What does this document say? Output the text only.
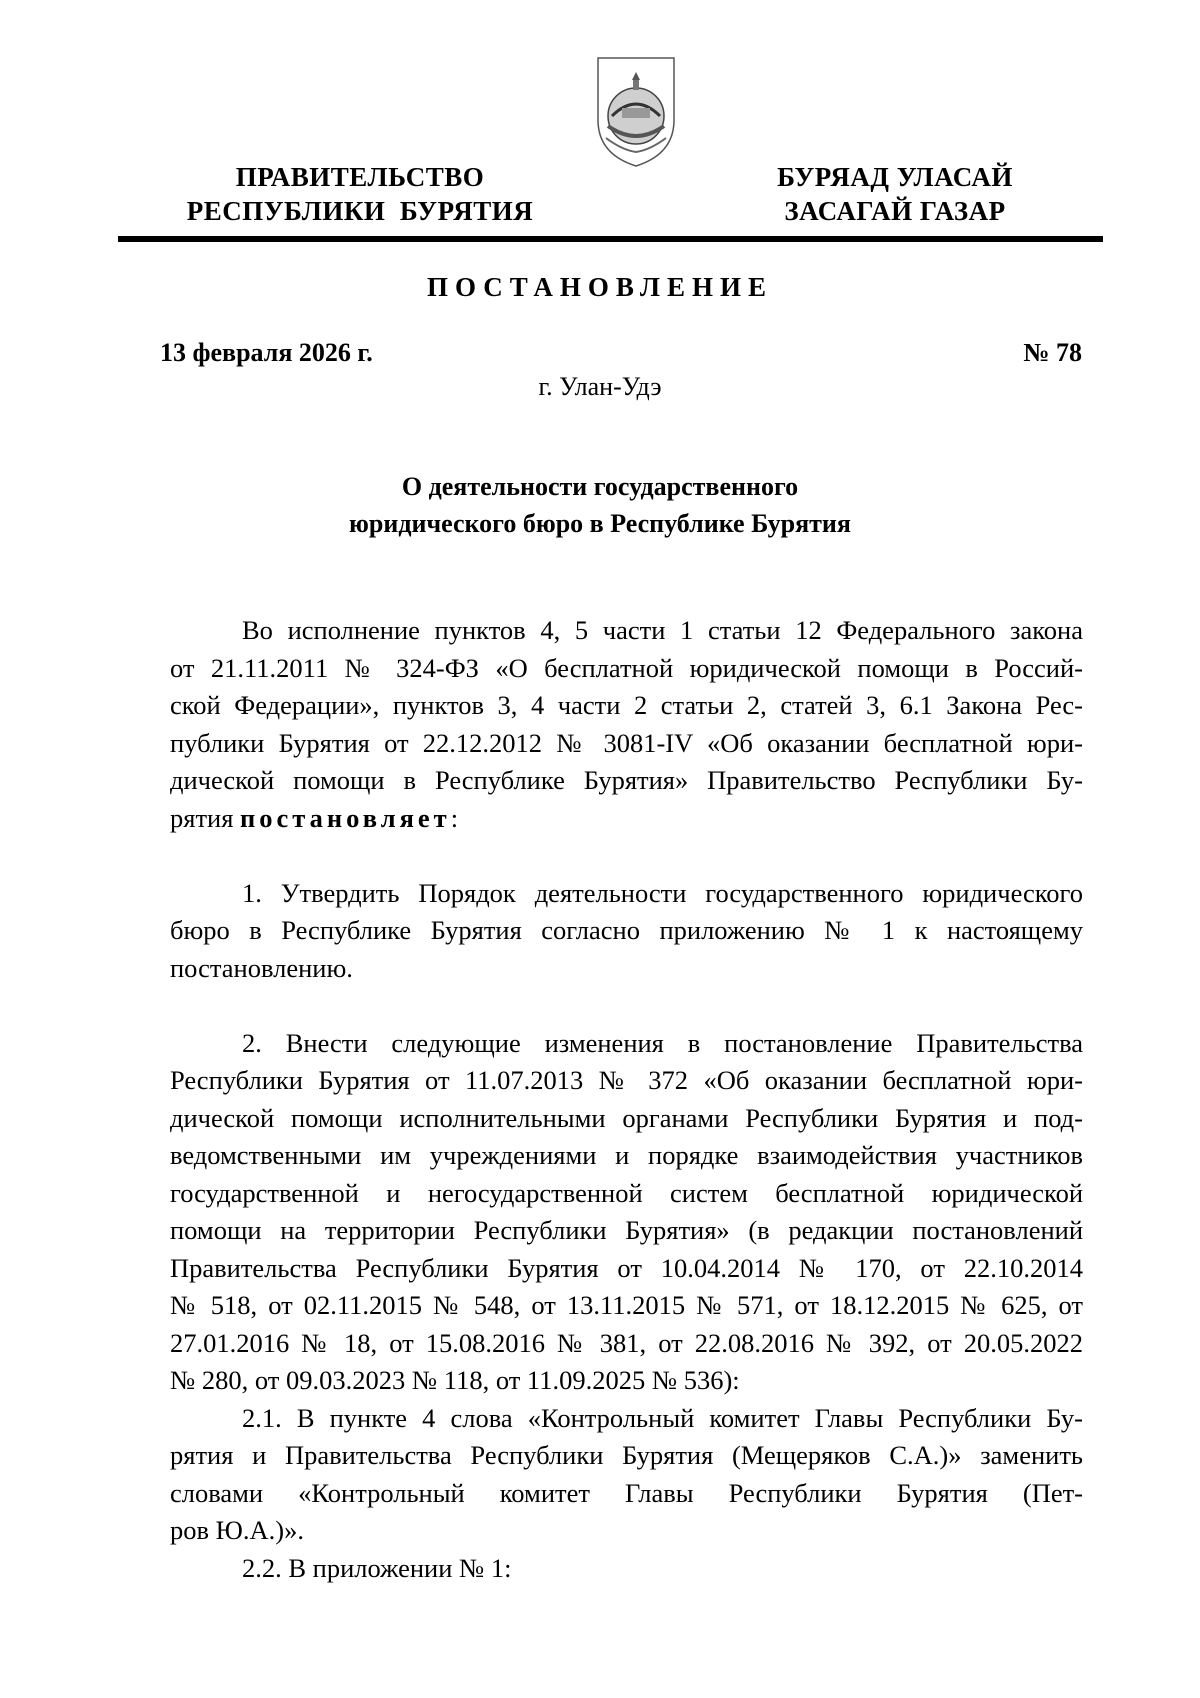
ПРАВИТЕЛЬСТВО
РЕСПУБЛИКИ  БУРЯТИЯ
БУРЯАД УЛАСАЙ
ЗАСАГАЙ ГАЗАР
ПОСТАНОВЛЕНИЕ
13 февраля 2026 г.	№ 78
г. Улан-Удэ
О деятельности государственного
юридического бюро в Республике Бурятия
Во исполнение пунктов 4, 5 части 1 статьи 12 Федерального закона
от 21.11.2011 № 324-ФЗ «О бесплатной юридической помощи в Россий-
ской Федерации», пунктов 3, 4 части 2 статьи 2, статей 3, 6.1 Закона Рес-
публики Бурятия от 22.12.2012 № 3081-IV «Об оказании бесплатной юри-
дической помощи в Республике Бурятия» Правительство Республики Бу-
рятия постановляет:
1. Утвердить Порядок деятельности государственного юридического
бюро в Республике Бурятия согласно приложению № 1 к настоящему
постановлению.
2. Внести следующие изменения в постановление Правительства
Республики Бурятия от 11.07.2013 № 372 «Об оказании бесплатной юри-
дической помощи исполнительными органами Республики Бурятия и под-
ведомственными им учреждениями и порядке взаимодействия участников
государственной и негосударственной систем бесплатной юридической
помощи на территории Республики Бурятия» (в редакции постановлений
Правительства Республики Бурятия от 10.04.2014 № 170, от 22.10.2014
№ 518, от 02.11.2015 № 548, от 13.11.2015 № 571, от 18.12.2015 № 625, от
27.01.2016 № 18, от 15.08.2016 № 381, от 22.08.2016 № 392, от 20.05.2022
№ 280, от 09.03.2023 № 118, от 11.09.2025 № 536):
2.1. В пункте 4 слова «Контрольный комитет Главы Республики Бу-
рятия и Правительства Республики Бурятия (Мещеряков С.А.)» заменить
словами «Контрольный комитет Главы Республики Бурятия (Пет-
ров Ю.А.)».
2.2. В приложении № 1:
